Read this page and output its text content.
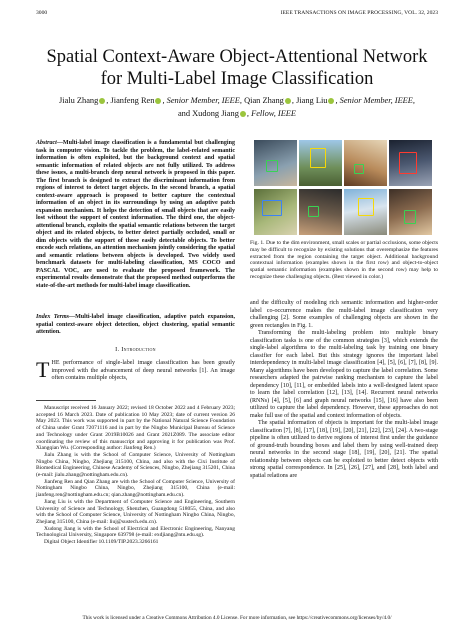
3000	IEEE TRANSACTIONS ON IMAGE PROCESSING, VOL. 32, 2023
Spatial Context-Aware Object-Attentional Network for Multi-Label Image Classification
Jialu Zhang , Jianfeng Ren , Senior Member, IEEE, Qian Zhang , Jiang Liu , Senior Member, IEEE,
and Xudong Jiang , Fellow, IEEE
Abstract—Multi-label image classification is a fundamental but challenging task in computer vision. To tackle the problem, the label-related semantic information is often exploited, but the background context and spatial semantic information of related objects are not fully utilized. To address these issues, a multi-branch deep neural network is proposed in this paper. The first branch is designed to extract the discriminant information from regions of interest to detect target objects. In the second branch, a spatial context-aware approach is proposed to better capture the contextual information of an object in its surroundings by using an adaptive patch expansion mechanism. It helps the detection of small objects that are easily lost without the support of context information. The third one, the object-attentional branch, exploits the spatial semantic relations between the target object and its related objects, to better detect partially occluded, small or dim objects with the support of those easily detectable objects. To better encode such relations, an attention mechanism jointly considering the spatial and semantic relations between objects is developed. Two widely used benchmark datasets for multi-labeling classification, MS COCO and PASCAL VOC, are used to evaluate the proposed framework. The experimental results demonstrate that the proposed method outperforms the state-of-the-art methods for multi-label image classification.
Index Terms—Multi-label image classification, adaptive patch expansion, spatial context-aware object detection, object clustering, spatial semantic attention.
I. Introduction
THE performance of single-label image classification has been greatly improved with the advancement of deep neural networks [1]. An image often contains multiple objects,

Manuscript received 16 January 2022; revised 18 October 2022 and 4 February 2023; accepted 16 March 2023. Date of publication 10 May 2023; date of current version 26 May 2023. This work was supported in part by the National Natural Science Foundation of China under Grant 72071116 and in part by the Ningbo Municipal Bureau of Science and Technology under Grant 2019B10026 and Grant 2021Z089. The associate editor coordinating the review of this manuscript and approving it for publication was Prof. Xiangqian Wu. (Corresponding author: Jianfeng Ren.)

Jialu Zhang is with the School of Computer Science, University of Nottingham Ningbo China, Ningbo, Zhejiang 315100, China, and also with the Cixi Institute of Biomedical Engineering, Chinese Academy of Sciences, Ningbo, Zhejiang 315201, China (e-mail: jialu.zhang@nottingham.edu.cn).

Jianfeng Ren and Qian Zhang are with the School of Computer Science, University of Nottingham Ningbo China, Ningbo, Zhejiang 315100, China (e-mail: jianfeng.ren@nottingham.edu.cn; qian.zhang@nottingham.edu.cn).

Jiang Liu is with the Department of Computer Science and Engineering, Southern University of Science and Technology, Shenzhen, Guangdong 518055, China, and also with the School of Computer Science, University of Nottingham Ningbo China, Ningbo, Zhejiang 315100, China (e-mail: liuj@sustech.edu.cn).

Xudong Jiang is with the School of Electrical and Electronic Engineering, Nanyang Technological University, Singapore 639798 (e-mail: exdjiang@ntu.edu.sg).

Digital Object Identifier 10.1109/TIP.2023.3266161

Fig. 1. Due to the dim environment, small scales or partial occlusions, some objects may be difficult to recognize by existing solutions that overemphasize the features extracted from the region containing the target object. Additional background contextual information (examples shown in the first row) and object-to-object spatial semantic information (examples shown in the second row) may help to recognize these challenging objects. (Best viewed in color.)

and the difficulty of modeling rich semantic information and higher-order label co-occurrence makes the multi-label image classification very challenging [2]. Some examples of challenging objects are shown in the green rectangles in Fig. 1.

Transforming the multi-labeling problem into multiple binary classification tasks is one of the common strategies [3], which extends the single-label algorithms to the multi-labeling task by training one binary classifier for each label. But this strategy ignores the important label interdependency in multi-label image classification [4], [5], [6], [7], [8], [9]. Many algorithms have been developed to capture the label correlation. Some researchers adapted the pairwise ranking mechanism to capture the label dependency [10], [11], or embedded labels into a well-designed latent space to learn the label correlation [12], [13], [14]. Recurrent neural networks (RNNs) [4], [5], [6] and graph neural networks [15], [16] have also been utilized to capture the label dependency. However, these approaches do not make full use of the spatial and context information of objects.

The spatial information of objects is important for the multi-label image classification [7], [8], [17], [18], [19], [20], [21], [22], [23], [24]. A two-stage pipeline is often utilized to derive regions of interest first under the guidance of ground-truth bounding boxes and label them by using well-trained deep neural networks in the second stage [18], [19], [20], [21]. The spatial relationship between objects can be exploited to better detect objects with strong spatial correspondence. In [25], [26], [27], and [28], both label and spatial relations are

This work is licensed under a Creative Commons Attribution 4.0 License. For more information, see https://creativecommons.org/licenses/by/4.0/
